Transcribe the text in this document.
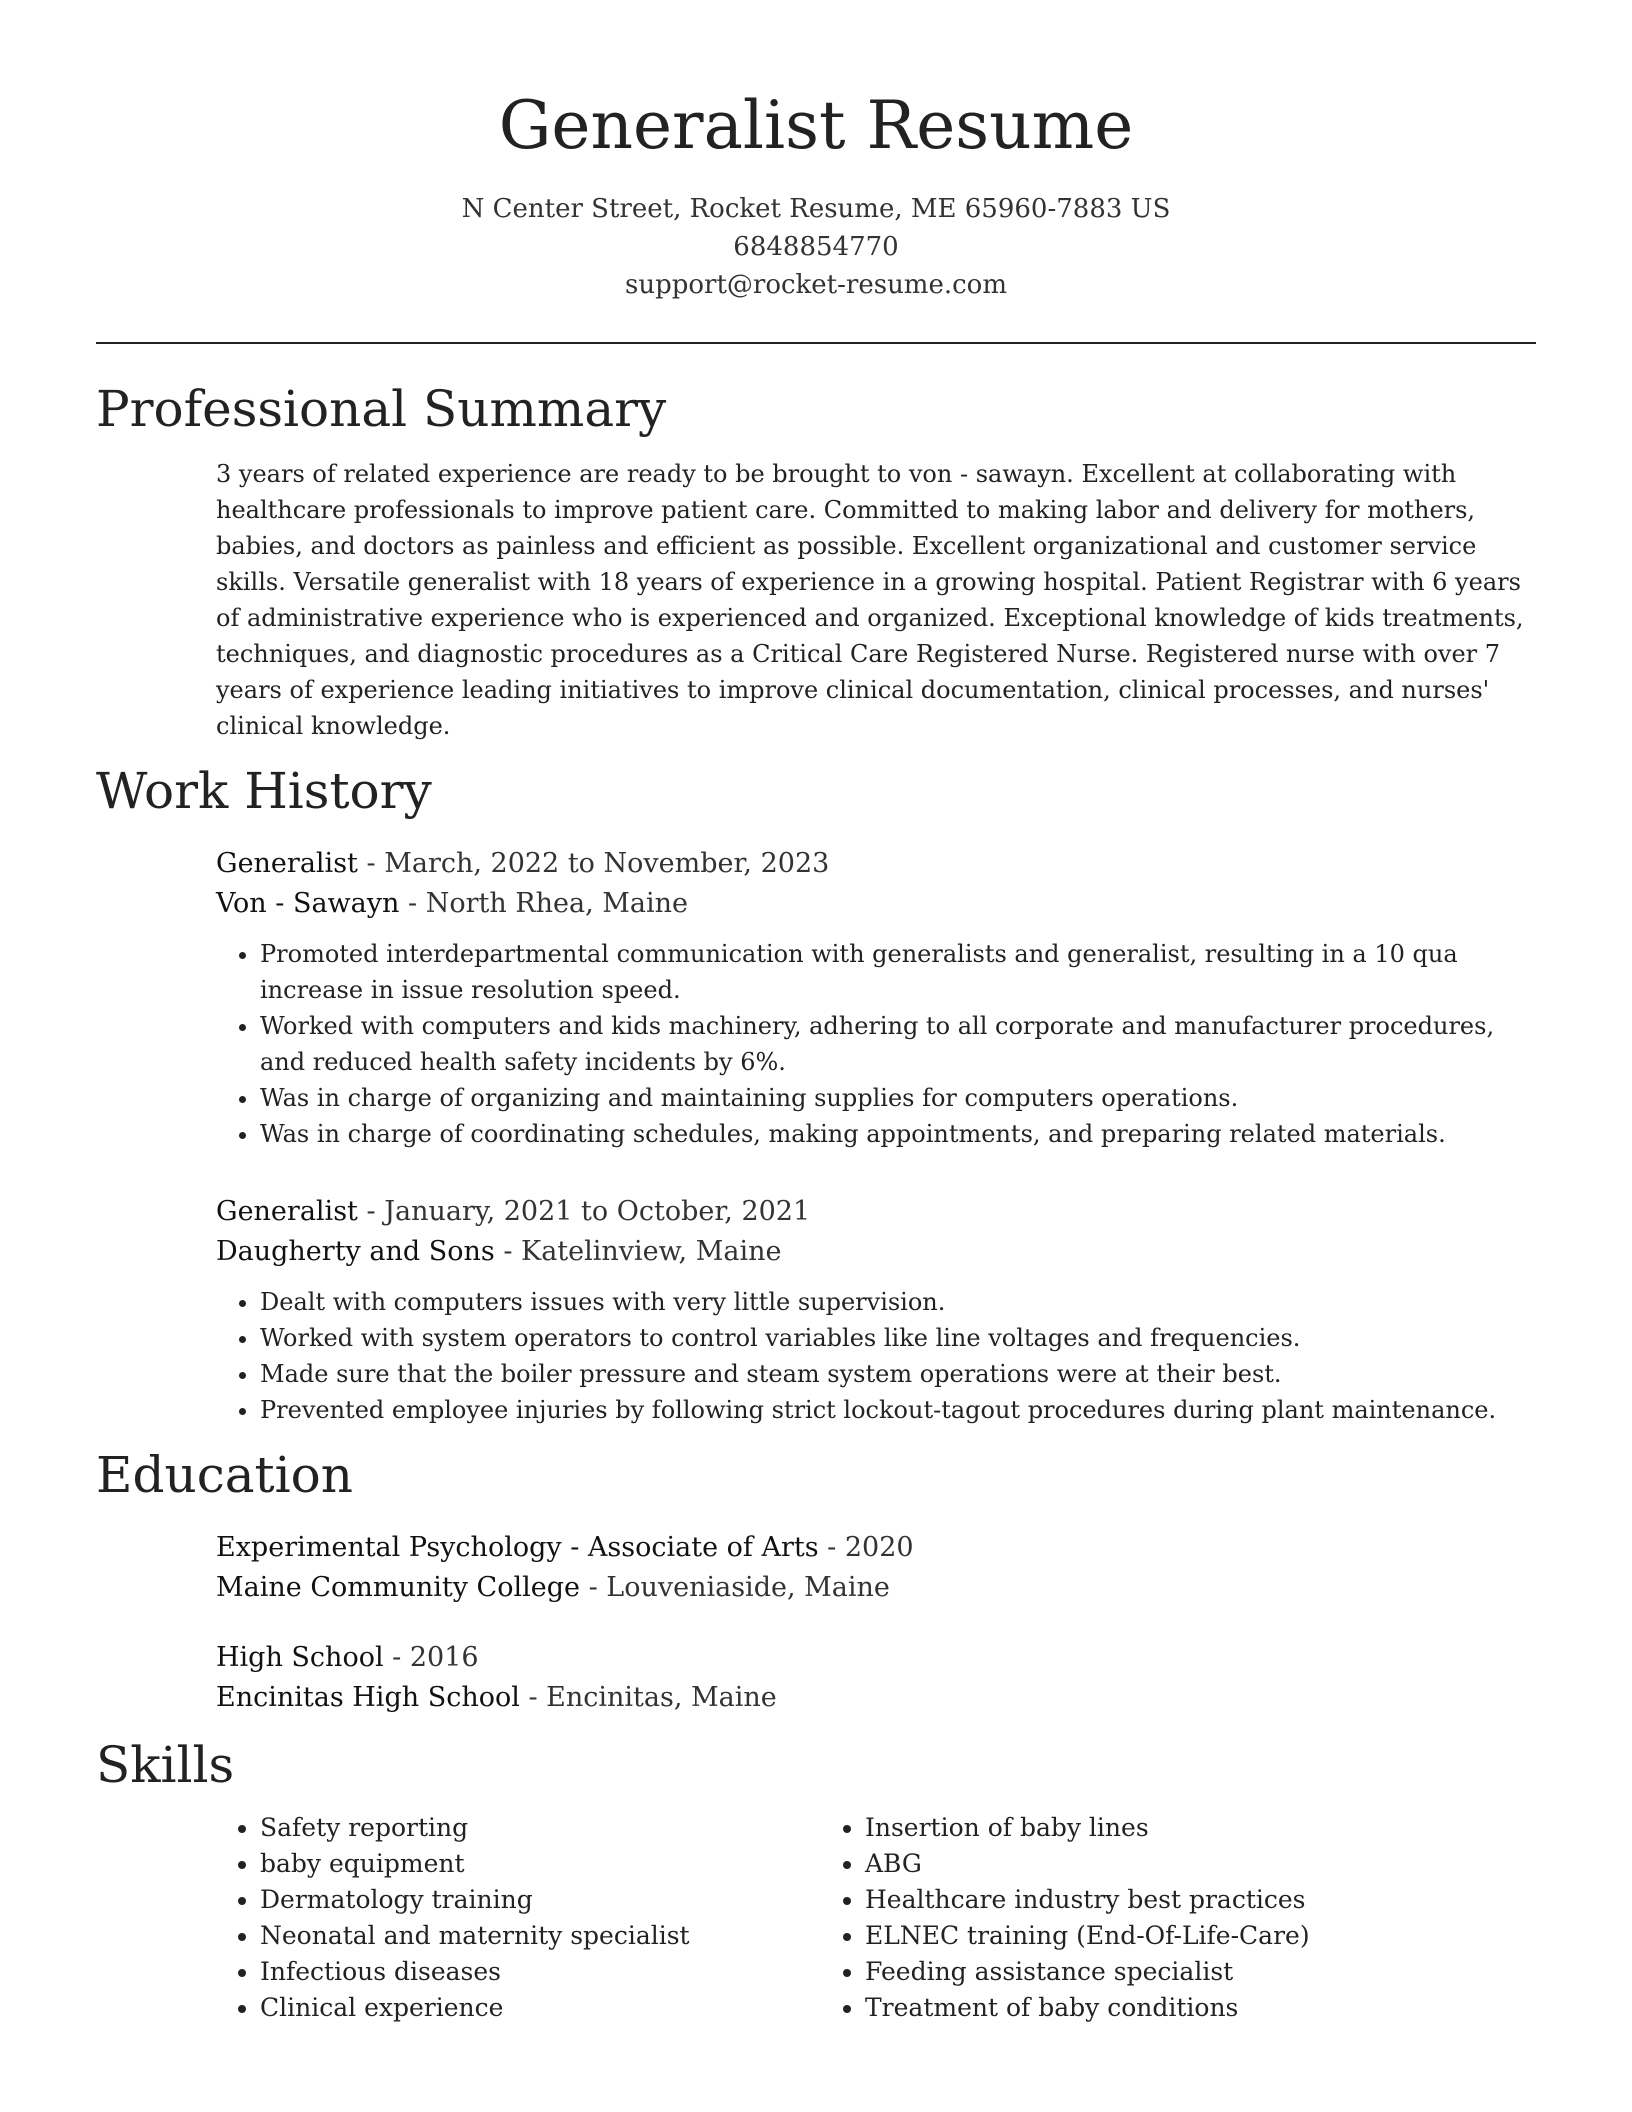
Generalist Resume
N Center Street, Rocket Resume, ME 65960-7883 US
6848854770
support@rocket-resume.com
Professional Summary

3 years of related experience are ready to be brought to von - sawayn. Excellent at collaborating with healthcare professionals to improve patient care. Committed to making labor and delivery for mothers, babies, and doctors as painless and efficient as possible. Excellent organizational and customer service skills. Versatile generalist with 18 years of experience in a growing hospital. Patient Registrar with 6 years of administrative experience who is experienced and organized. Exceptional knowledge of kids treatments, techniques, and diagnostic procedures as a Critical Care Registered Nurse. Registered nurse with over 7 years of experience leading initiatives to improve clinical documentation, clinical processes, and nurses' clinical knowledge.

Work History
Generalist - March, 2022 to November, 2023
Von - Sawayn - North Rhea, Maine
• Promoted interdepartmental communication with generalists and generalist, resulting in a 10 qua increase in issue resolution speed.
• Worked with computers and kids machinery, adhering to all corporate and manufacturer procedures, and reduced health safety incidents by 6%.
• Was in charge of organizing and maintaining supplies for computers operations.
• Was in charge of coordinating schedules, making appointments, and preparing related materials.
Generalist - January, 2021 to October, 2021
Daugherty and Sons - Katelinview, Maine
• Dealt with computers issues with very little supervision.
• Worked with system operators to control variables like line voltages and frequencies.
• Made sure that the boiler pressure and steam system operations were at their best.
• Prevented employee injuries by following strict lockout-tagout procedures during plant maintenance.
Education
Experimental Psychology - Associate of Arts - 2020
Maine Community College - Louveniaside, Maine
High School - 2016
Encinitas High School - Encinitas, Maine
Skills
• Safety reporting
• baby equipment
• Dermatology training
• Neonatal and maternity specialist
• Infectious diseases
• Clinical experience
• Insertion of baby lines
• ABG
• Healthcare industry best practices
• ELNEC training (End-Of-Life-Care)
• Feeding assistance specialist
• Treatment of baby conditions
